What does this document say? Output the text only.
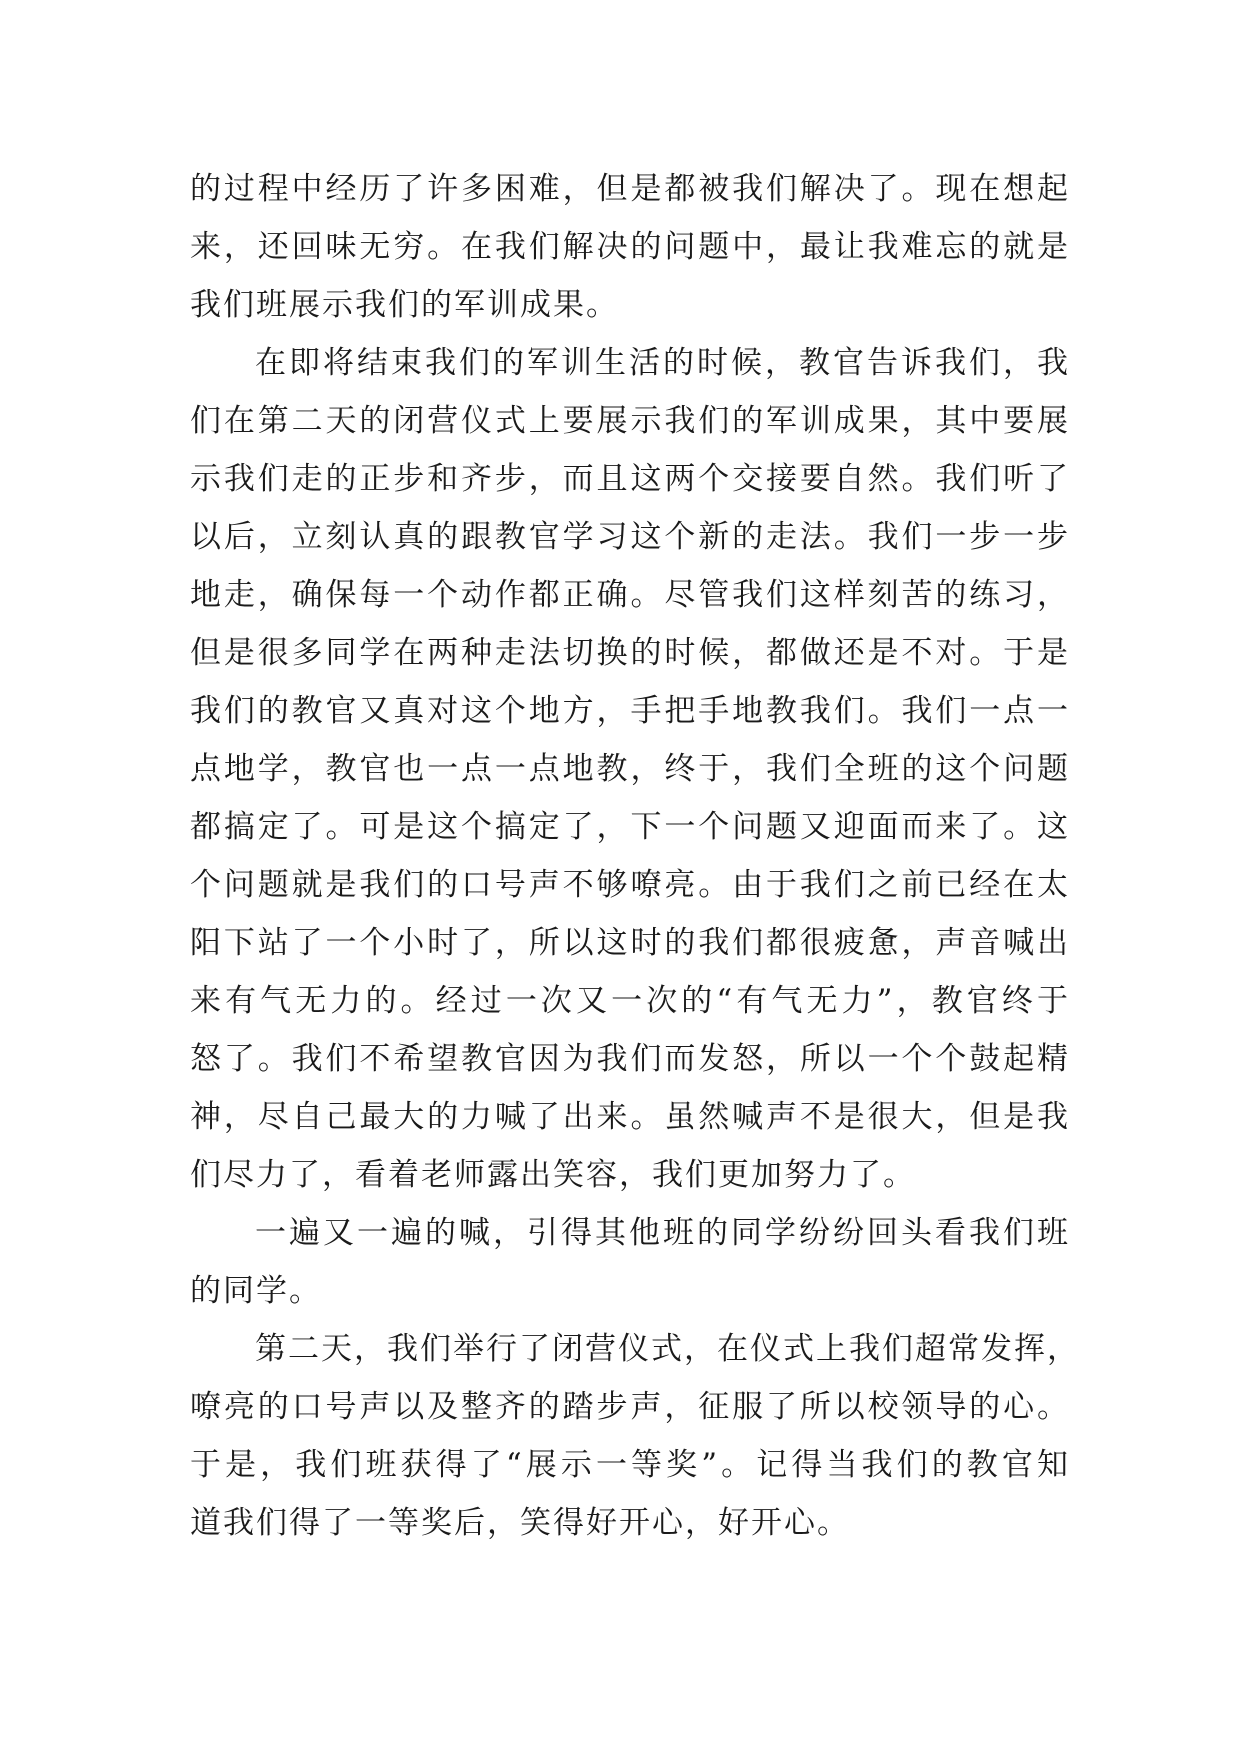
的过程中经历了许多困难，但是都被我们解决了。现在想起
来，还回味无穷。在我们解决的问题中，最让我难忘的就是
我们班展示我们的军训成果。
在即将结束我们的军训生活的时候，教官告诉我们，我
们在第二天的闭营仪式上要展示我们的军训成果，其中要展
示我们走的正步和齐步，而且这两个交接要自然。我们听了
以后，立刻认真的跟教官学习这个新的走法。我们一步一步
地走，确保每一个动作都正确。尽管我们这样刻苦的练习，
但是很多同学在两种走法切换的时候，都做还是不对。于是
我们的教官又真对这个地方，手把手地教我们。我们一点一
点地学，教官也一点一点地教，终于，我们全班的这个问题
都搞定了。可是这个搞定了，下一个问题又迎面而来了。这
个问题就是我们的口号声不够嘹亮。由于我们之前已经在太
阳下站了一个小时了，所以这时的我们都很疲惫，声音喊出
来有气无力的。经过一次又一次的“有气无力”，教官终于
怒了。我们不希望教官因为我们而发怒，所以一个个鼓起精
神，尽自己最大的力喊了出来。虽然喊声不是很大，但是我
们尽力了，看着老师露出笑容，我们更加努力了。
一遍又一遍的喊，引得其他班的同学纷纷回头看我们班
的同学。
第二天，我们举行了闭营仪式，在仪式上我们超常发挥，
嘹亮的口号声以及整齐的踏步声，征服了所以校领导的心。
于是，我们班获得了“展示一等奖”。记得当我们的教官知
道我们得了一等奖后，笑得好开心，好开心。
